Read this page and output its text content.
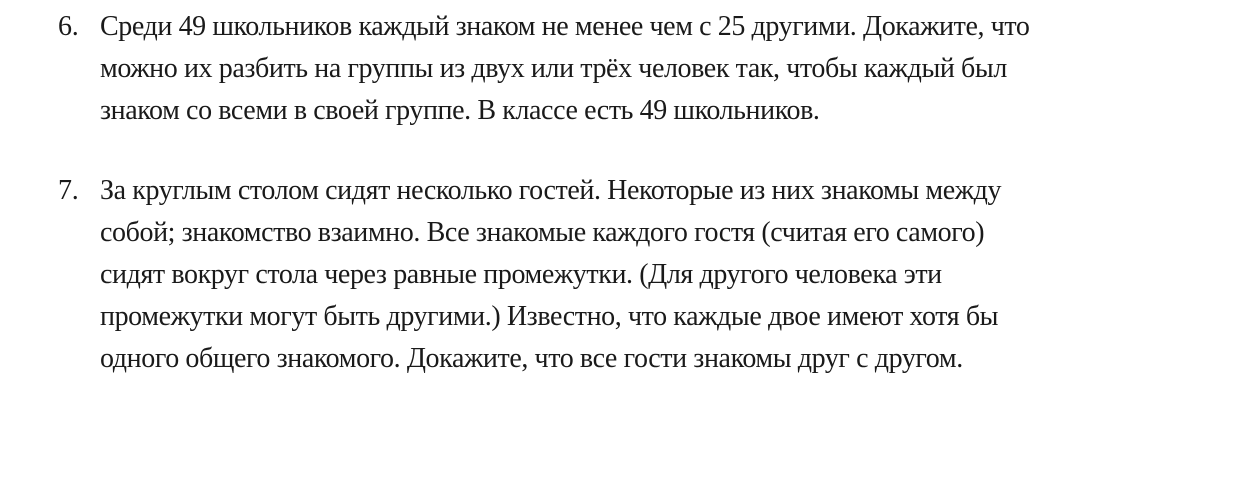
6. Среди 49 школьников каждый знаком не менее чем с 25 другими. Докажите, что
можно их разбить на группы из двух или трёх человек так, чтобы каждый был
знаком со всеми в своей группе. В классе есть 49 школьников.
7. За круглым столом сидят несколько гостей. Некоторые из них знакомы между
собой; знакомство взаимно. Все знакомые каждого гостя (считая его самого)
сидят вокруг стола через равные промежутки. (Для другого человека эти
промежутки могут быть другими.) Известно, что каждые двое имеют хотя бы
одного общего знакомого. Докажите, что все гости знакомы друг с другом.
